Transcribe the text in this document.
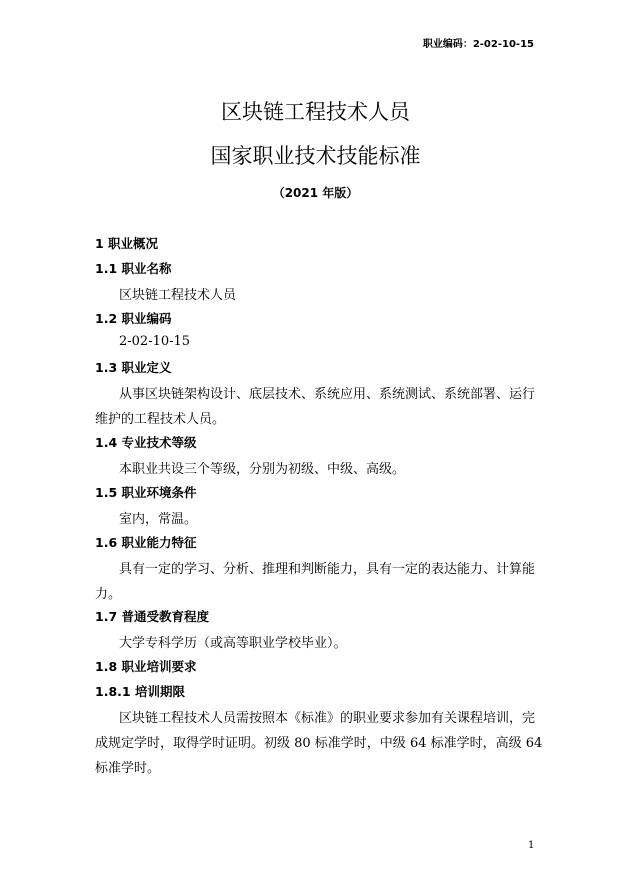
职业编码：2-02-10-15
区块链工程技术人员
国家职业技术技能标准
（2021 年版）
1 职业概况
1.1 职业名称
区块链工程技术人员
1.2 职业编码
2-02-10-15
1.3 职业定义
从事区块链架构设计、底层技术、系统应用、系统测试、系统部署、运行
维护的工程技术人员。
1.4 专业技术等级
本职业共设三个等级，分别为初级、中级、高级。
1.5 职业环境条件
室内，常温。
1.6 职业能力特征
具有一定的学习、分析、推理和判断能力，具有一定的表达能力、计算能
力。
1.7 普通受教育程度
大学专科学历（或高等职业学校毕业）。
1.8 职业培训要求
1.8.1 培训期限
区块链工程技术人员需按照本《标准》的职业要求参加有关课程培训，完
成规定学时，取得学时证明。初级 80 标准学时，中级 64 标准学时，高级 64
标准学时。
1
